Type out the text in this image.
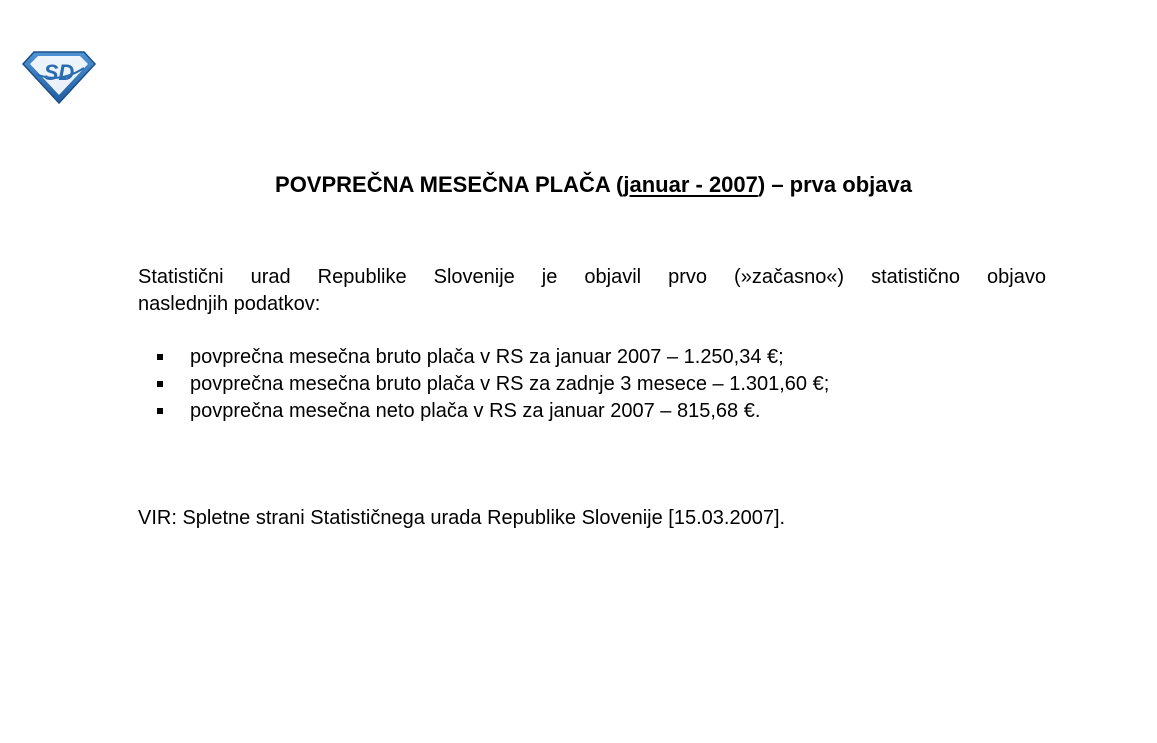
SD
POVPREČNA MESEČNA PLAČA (januar - 2007) – prva objava
Statistični urad Republike Slovenije je objavil prvo (»začasno«) statistično objavo
naslednjih podatkov:
povprečna mesečna bruto plača v RS za januar 2007 – 1.250,34 €;
povprečna mesečna bruto plača v RS za zadnje 3 mesece – 1.301,60 €;
povprečna mesečna neto plača v RS za januar 2007 – 815,68 €.
VIR: Spletne strani Statističnega urada Republike Slovenije [15.03.2007].
